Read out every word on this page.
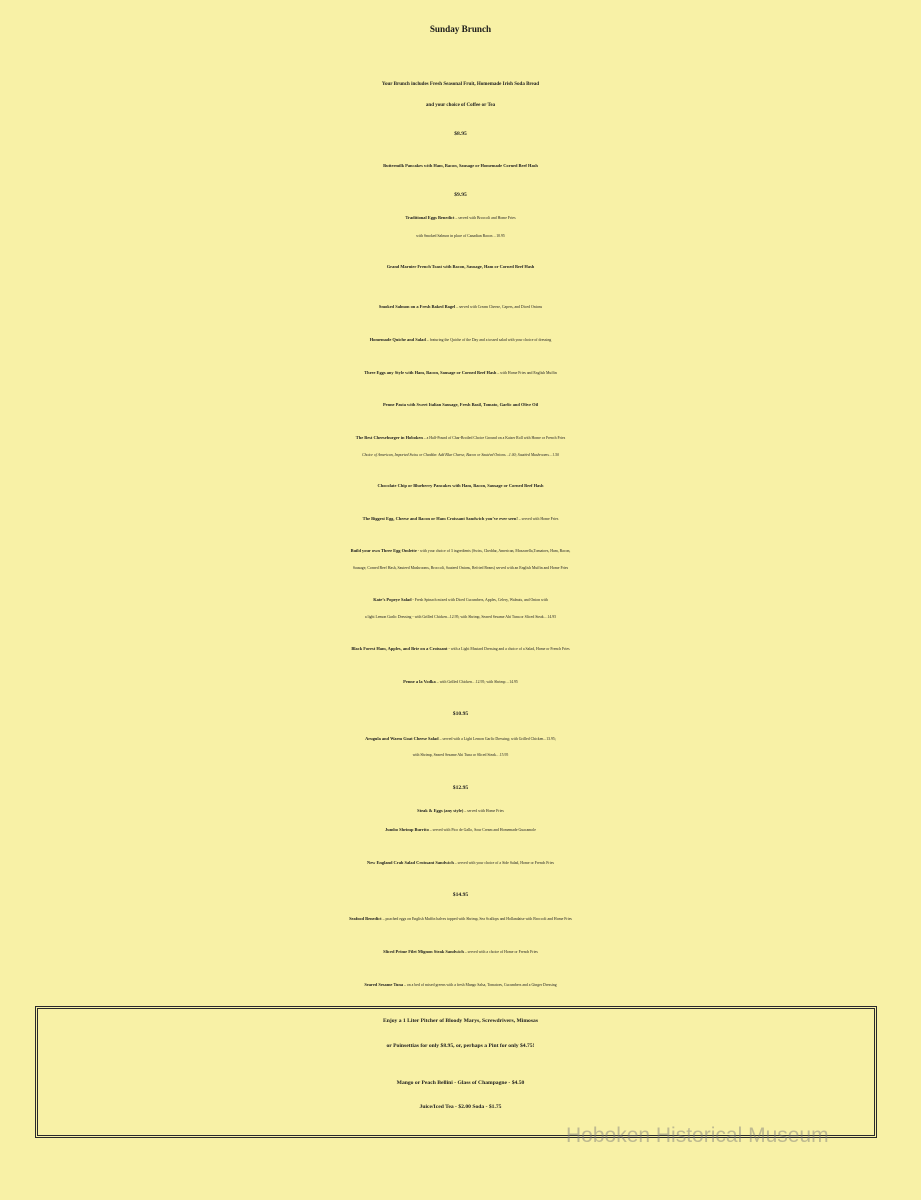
Sunday Brunch
Your Brunch includes Fresh Seasonal Fruit, Homemade Irish Soda Bread
and your choice of Coffee or Tea
$8.95
Buttermilk Pancakes with Ham, Bacon, Sausage or Homemade Corned Beef Hash
$9.95
Traditional Eggs Benedict – served with Broccoli and Home Fries
with Smoked Salmon in place of Canadian Bacon…10.95
Grand Marnier French Toast with Bacon, Sausage, Ham or Corned Beef Hash
Smoked Salmon on a Fresh Baked Bagel – served with Cream Cheese, Capers, and Diced Onions
Homemade Quiche and Salad – featuring the Quiche of the Day and a tossed salad with your choice of dressing
Three Eggs any Style with Ham, Bacon, Sausage or Corned Beef Hash – with Home Fries and English Muffin
Penne Pasta with Sweet Italian Sausage, Fresh Basil, Tomato, Garlic and Olive Oil
The Best Cheeseburger in Hoboken – a Half-Pound of Char-Broiled Choice Ground on a Kaiser Roll with Home or French Fries
Choice of American, Imported Swiss or Cheddar. Add Blue Cheese, Bacon or Sautéed Onions…1.00; Sautéed Mushrooms…1.50
Chocolate Chip or Blueberry Pancakes with Ham, Bacon, Sausage or Corned Beef Hash
The Biggest Egg, Cheese and Bacon or Ham Croissant Sandwich you’ve ever seen! – served with Home Fries
Build your own Three Egg Omlette - with your choice of 3 ingredients (Swiss, Cheddar, American, Mozzarella,Tomatoes, Ham, Bacon,
Sausage, Corned Beef Hash, Sauteed Mushrooms, Broccoli, Sauteed Onions, Refried Beans) served with an English Muffin and Home Fries
Kate’s Popeye Salad - Fresh Spinach mixed with Diced Cucumbers, Apples, Celery, Walnuts, and Onion with
a light Lemon Garlic Dressing - with Grilled Chicken...12.95; with Shrimp, Seared Sesame Ahi Tuna or Sliced Steak…14.95
Black Forest Ham, Apples, and Brie on a Croissant - with a Light Mustard Dressing and a choice of a Salad, Home or French Fries
Penne a la Vodka – with Grilled Chicken…12.95; with Shrimp…14.95
$10.95
Arugula and Warm Goat Cheese Salad – served with a Light Lemon Garlic Dressing; with Grilled Chicken...13.95;
with Shrimp, Seared Sesame Ahi Tuna or Sliced Steak…15.95
$12.95
Steak & Eggs (any style) – served with Home Fries
Jumbo Shrimp Burrito – served with Pico de Gallo, Sour Cream and Homemade Guacamole
New England Crab Salad Croissant Sandwich – served with your choice of a Side Salad, Home or French Fries
$14.95
Seafood Benedict – poached eggs on English Muffin halves topped with Shrimp, Sea Scallops and Hollandaise with Broccoli and Home Fries
Sliced Prime Filet Mignon Steak Sandwich – served with a choice of Home or French Fries
Seared Sesame Tuna – on a bed of mixed greens with a fresh Mango Salsa, Tomatoes, Cucumbers and a Ginger Dressing
Enjoy a 1 Liter Pitcher of Bloody Marys, Screwdrivers, Mimosas
or Poinsettias for only $8.95, or, perhaps a Pint for only $4.75!
Mango or Peach Bellini - Glass of Champagne - $4.50
Juice/Iced Tea - $2.00 Soda - $1.75
Hoboken Historical Museum
